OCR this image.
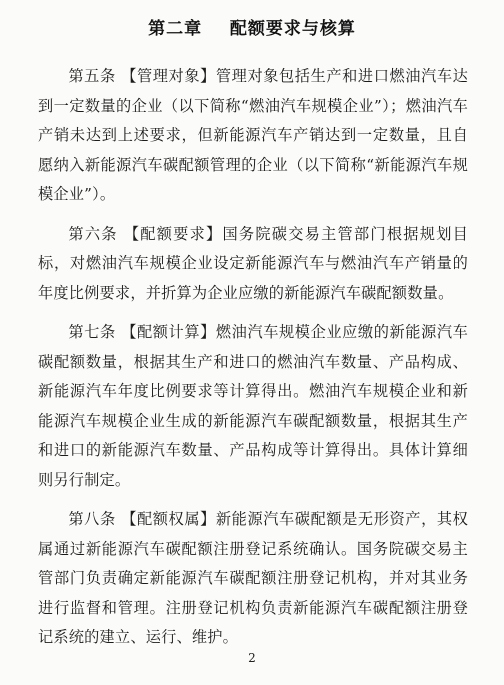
第二章    配额要求与核算

第五条 【管理对象】管理对象包括生产和进口燃油汽车达到一定数量的企业（以下简称“燃油汽车规模企业”）；燃油汽车产销未达到上述要求，但新能源汽车产销达到一定数量，且自愿纳入新能源汽车碳配额管理的企业（以下简称“新能源汽车规模企业”）。

第六条 【配额要求】国务院碳交易主管部门根据规划目标，对燃油汽车规模企业设定新能源汽车与燃油汽车产销量的年度比例要求，并折算为企业应缴的新能源汽车碳配额数量。

第七条 【配额计算】燃油汽车规模企业应缴的新能源汽车碳配额数量，根据其生产和进口的燃油汽车数量、产品构成、新能源汽车年度比例要求等计算得出。燃油汽车规模企业和新能源汽车规模企业生成的新能源汽车碳配额数量，根据其生产和进口的新能源汽车数量、产品构成等计算得出。具体计算细则另行制定。

第八条 【配额权属】新能源汽车碳配额是无形资产，其权属通过新能源汽车碳配额注册登记系统确认。国务院碳交易主管部门负责确定新能源汽车碳配额注册登记机构，并对其业务进行监督和管理。注册登记机构负责新能源汽车碳配额注册登记系统的建立、运行、维护。

2
